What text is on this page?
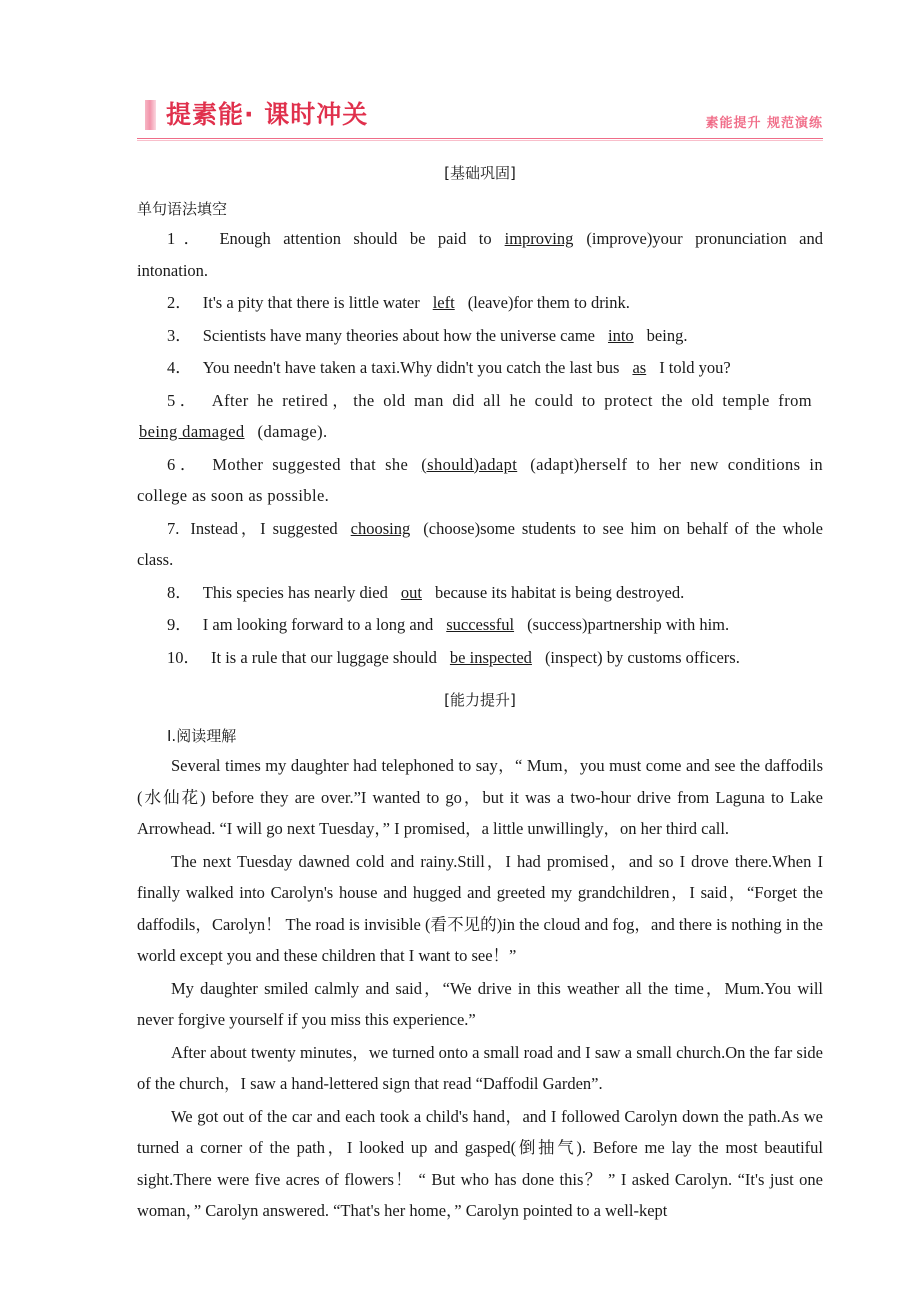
提素能· 课时冲关	素能提升 规范演练
[基础巩固]
单句语法填空

1． Enough attention should be paid to improving (improve)your pronunciation and intonation.

2． It's a pity that there is little water left (leave)for them to drink.

3． Scientists have many theories about how the universe came into being.

4． You needn't have taken a taxi.Why didn't you catch the last bus as I told you?

5． After he retired，the old man did all he could to protect the old temple frombeing damaged (damage).

6． Mother suggested that she (should)adapt (adapt)herself to her new conditions in college as soon as possible.

7. Instead，I suggested choosing (choose)some students to see him on behalf of the whole class.

8． This species has nearly died out because its habitat is being destroyed.

9． I am looking forward to a long and successful (success)partnership with him.

10． It is a rule that our luggage should be inspected (inspect) by customs officers.

[能力提升]
Ⅰ.阅读理解

Several times my daughter had telephoned to say，“ Mum，you must come and see the daffodils (水仙花) before they are over.”I wanted to go，but it was a two-hour drive from Laguna to Lake Arrowhead. “I will go next Tuesday，” I promised，a little unwillingly，on her third call.

The next Tuesday dawned cold and rainy.Still，I had promised，and so I drove there.When I finally walked into Carolyn's house and hugged and greeted my grandchildren，I said，“Forget the daffodils，Carolyn！ The road is invisible (看不见的)in the cloud and fog，and there is nothing in the world except you and these children that I want to see！”

My daughter smiled calmly and said，“We drive in this weather all the time，Mum.You will never forgive yourself if you miss this experience.”

After about twenty minutes，we turned onto a small road and I saw a small church.On the far side of the church，I saw a hand-lettered sign that read “Daffodil Garden”.

We got out of the car and each took a child's hand，and I followed Carolyn down the path.As we turned a corner of the path，I looked up and gasped(倒抽气). Before me lay the most beautiful sight.There were five acres of flowers！ “ But who has done this？ ” I asked Carolyn. “It's just one woman，” Carolyn answered. “That's her home，” Carolyn pointed to a well-kept
